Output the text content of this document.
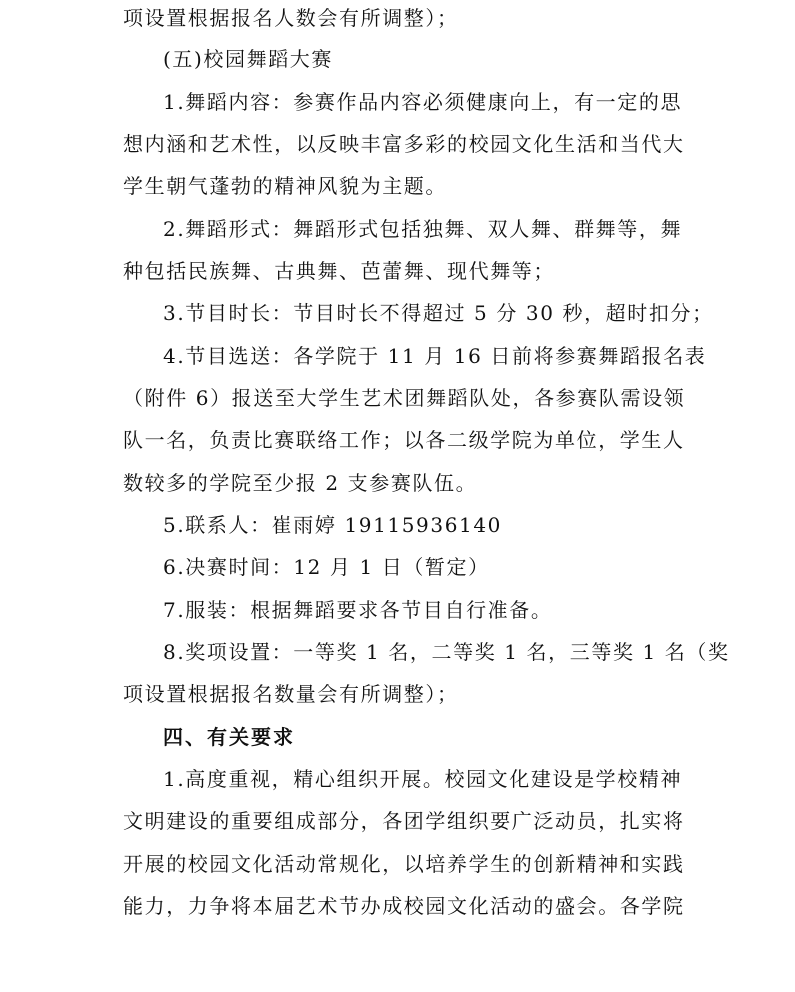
项设置根据报名人数会有所调整）；
(五)校园舞蹈大赛
1.舞蹈内容：参赛作品内容必须健康向上，有一定的思
想内涵和艺术性，以反映丰富多彩的校园文化生活和当代大
学生朝气蓬勃的精神风貌为主题。
2.舞蹈形式：舞蹈形式包括独舞、双人舞、群舞等，舞
种包括民族舞、古典舞、芭蕾舞、现代舞等；
3.节目时长：节目时长不得超过 5 分 30 秒，超时扣分；
4.节目选送：各学院于 11 月 16 日前将参赛舞蹈报名表
（附件 6）报送至大学生艺术团舞蹈队处，各参赛队需设领
队一名，负责比赛联络工作；以各二级学院为单位，学生人
数较多的学院至少报 2 支参赛队伍。
5.联系人：崔雨婷 19115936140
6.决赛时间：12 月 1 日（暂定）
7.服装：根据舞蹈要求各节目自行准备。
8.奖项设置：一等奖 1 名，二等奖 1 名，三等奖 1 名（奖
项设置根据报名数量会有所调整）；
四、有关要求
1.高度重视，精心组织开展。校园文化建设是学校精神
文明建设的重要组成部分，各团学组织要广泛动员，扎实将
开展的校园文化活动常规化，以培养学生的创新精神和实践
能力，力争将本届艺术节办成校园文化活动的盛会。各学院
